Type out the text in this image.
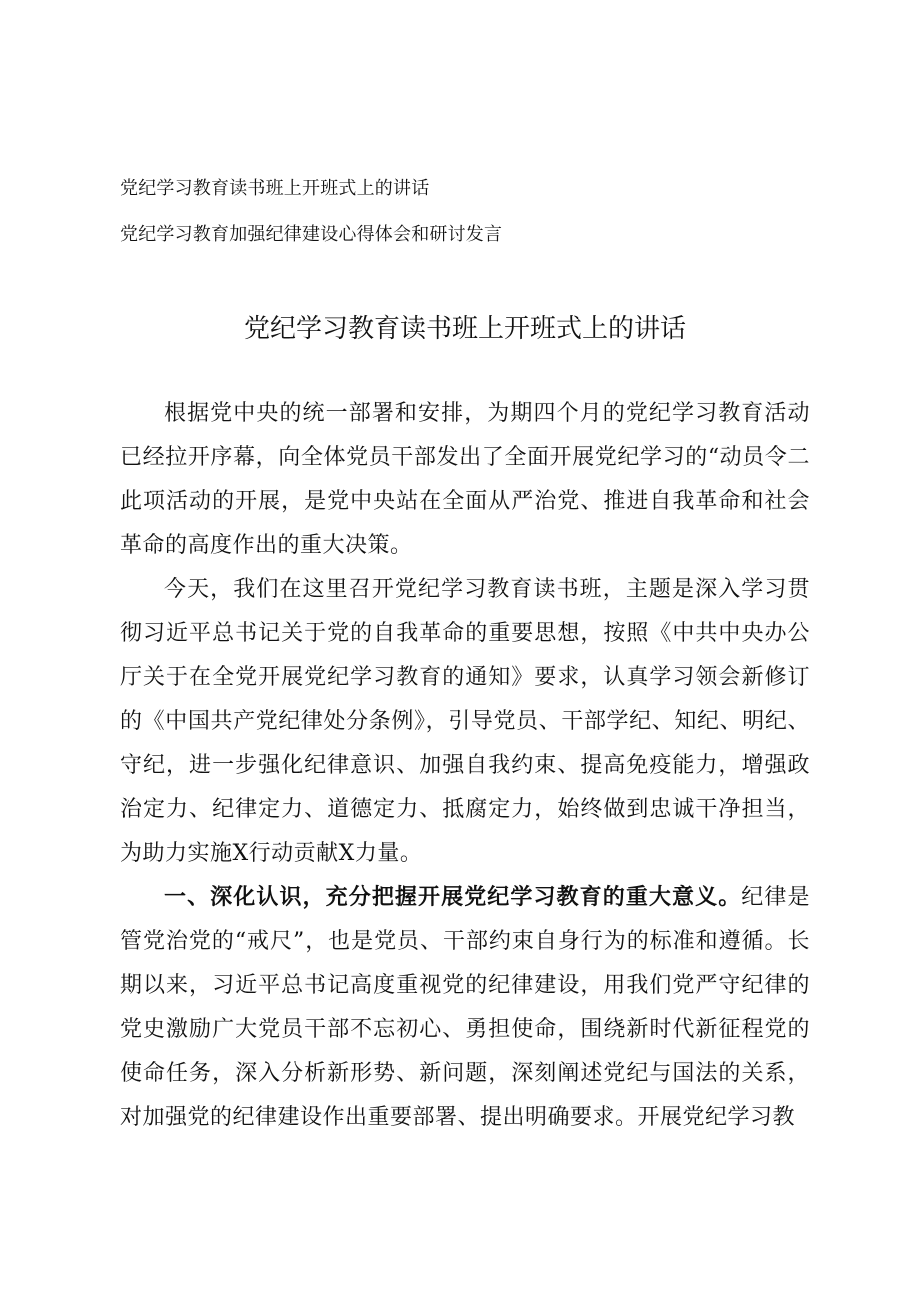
党纪学习教育读书班上开班式上的讲话
党纪学习教育加强纪律建设心得体会和研讨发言
党纪学习教育读书班上开班式上的讲话

根据党中央的统一部署和安排，为期四个月的党纪学习教育活动已经拉开序幕，向全体党员干部发出了全面开展党纪学习的“动员令二此项活动的开展，是党中央站在全面从严治党、推进自我革命和社会革命的高度作出的重大决策。

今天，我们在这里召开党纪学习教育读书班，主题是深入学习贯彻习近平总书记关于党的自我革命的重要思想，按照《中共中央办公厅关于在全党开展党纪学习教育的通知》要求，认真学习领会新修订的《中国共产党纪律处分条例》，引导党员、干部学纪、知纪、明纪、守纪，进一步强化纪律意识、加强自我约束、提高免疫能力，增强政治定力、纪律定力、道德定力、抵腐定力，始终做到忠诚干净担当，为助力实施X行动贡献X力量。

一、深化认识，充分把握开展党纪学习教育的重大意义。纪律是管党治党的“戒尺”，也是党员、干部约束自身行为的标准和遵循。长期以来，习近平总书记高度重视党的纪律建设，用我们党严守纪律的党史激励广大党员干部不忘初心、勇担使命，围绕新时代新征程党的使命任务，深入分析新形势、新问题，深刻阐述党纪与国法的关系，对加强党的纪律建设作出重要部署、提出明确要求。开展党纪学习教
